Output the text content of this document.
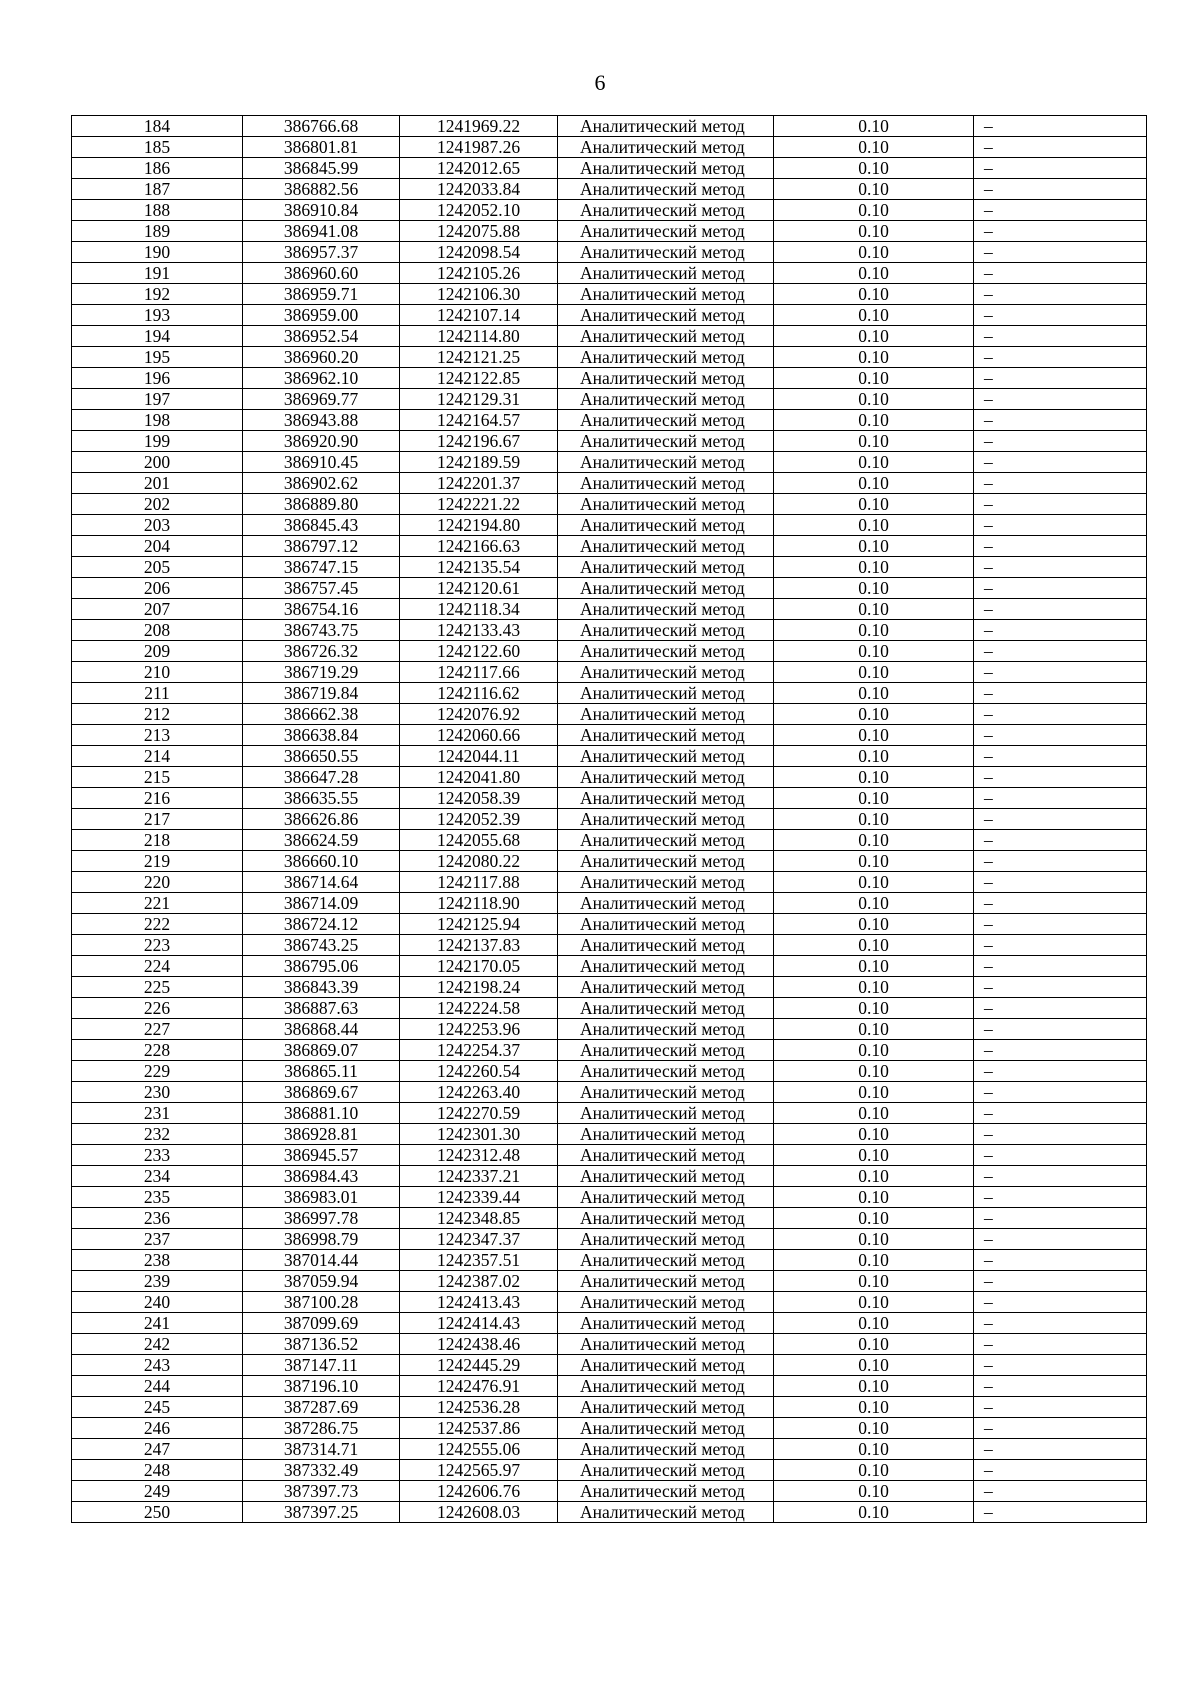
6
184	386766.68	1241969.22	Аналитический метод	0.10	–
185	386801.81	1241987.26	Аналитический метод	0.10	–
186	386845.99	1242012.65	Аналитический метод	0.10	–
187	386882.56	1242033.84	Аналитический метод	0.10	–
188	386910.84	1242052.10	Аналитический метод	0.10	–
189	386941.08	1242075.88	Аналитический метод	0.10	–
190	386957.37	1242098.54	Аналитический метод	0.10	–
191	386960.60	1242105.26	Аналитический метод	0.10	–
192	386959.71	1242106.30	Аналитический метод	0.10	–
193	386959.00	1242107.14	Аналитический метод	0.10	–
194	386952.54	1242114.80	Аналитический метод	0.10	–
195	386960.20	1242121.25	Аналитический метод	0.10	–
196	386962.10	1242122.85	Аналитический метод	0.10	–
197	386969.77	1242129.31	Аналитический метод	0.10	–
198	386943.88	1242164.57	Аналитический метод	0.10	–
199	386920.90	1242196.67	Аналитический метод	0.10	–
200	386910.45	1242189.59	Аналитический метод	0.10	–
201	386902.62	1242201.37	Аналитический метод	0.10	–
202	386889.80	1242221.22	Аналитический метод	0.10	–
203	386845.43	1242194.80	Аналитический метод	0.10	–
204	386797.12	1242166.63	Аналитический метод	0.10	–
205	386747.15	1242135.54	Аналитический метод	0.10	–
206	386757.45	1242120.61	Аналитический метод	0.10	–
207	386754.16	1242118.34	Аналитический метод	0.10	–
208	386743.75	1242133.43	Аналитический метод	0.10	–
209	386726.32	1242122.60	Аналитический метод	0.10	–
210	386719.29	1242117.66	Аналитический метод	0.10	–
211	386719.84	1242116.62	Аналитический метод	0.10	–
212	386662.38	1242076.92	Аналитический метод	0.10	–
213	386638.84	1242060.66	Аналитический метод	0.10	–
214	386650.55	1242044.11	Аналитический метод	0.10	–
215	386647.28	1242041.80	Аналитический метод	0.10	–
216	386635.55	1242058.39	Аналитический метод	0.10	–
217	386626.86	1242052.39	Аналитический метод	0.10	–
218	386624.59	1242055.68	Аналитический метод	0.10	–
219	386660.10	1242080.22	Аналитический метод	0.10	–
220	386714.64	1242117.88	Аналитический метод	0.10	–
221	386714.09	1242118.90	Аналитический метод	0.10	–
222	386724.12	1242125.94	Аналитический метод	0.10	–
223	386743.25	1242137.83	Аналитический метод	0.10	–
224	386795.06	1242170.05	Аналитический метод	0.10	–
225	386843.39	1242198.24	Аналитический метод	0.10	–
226	386887.63	1242224.58	Аналитический метод	0.10	–
227	386868.44	1242253.96	Аналитический метод	0.10	–
228	386869.07	1242254.37	Аналитический метод	0.10	–
229	386865.11	1242260.54	Аналитический метод	0.10	–
230	386869.67	1242263.40	Аналитический метод	0.10	–
231	386881.10	1242270.59	Аналитический метод	0.10	–
232	386928.81	1242301.30	Аналитический метод	0.10	–
233	386945.57	1242312.48	Аналитический метод	0.10	–
234	386984.43	1242337.21	Аналитический метод	0.10	–
235	386983.01	1242339.44	Аналитический метод	0.10	–
236	386997.78	1242348.85	Аналитический метод	0.10	–
237	386998.79	1242347.37	Аналитический метод	0.10	–
238	387014.44	1242357.51	Аналитический метод	0.10	–
239	387059.94	1242387.02	Аналитический метод	0.10	–
240	387100.28	1242413.43	Аналитический метод	0.10	–
241	387099.69	1242414.43	Аналитический метод	0.10	–
242	387136.52	1242438.46	Аналитический метод	0.10	–
243	387147.11	1242445.29	Аналитический метод	0.10	–
244	387196.10	1242476.91	Аналитический метод	0.10	–
245	387287.69	1242536.28	Аналитический метод	0.10	–
246	387286.75	1242537.86	Аналитический метод	0.10	–
247	387314.71	1242555.06	Аналитический метод	0.10	–
248	387332.49	1242565.97	Аналитический метод	0.10	–
249	387397.73	1242606.76	Аналитический метод	0.10	–
250	387397.25	1242608.03	Аналитический метод	0.10	–
